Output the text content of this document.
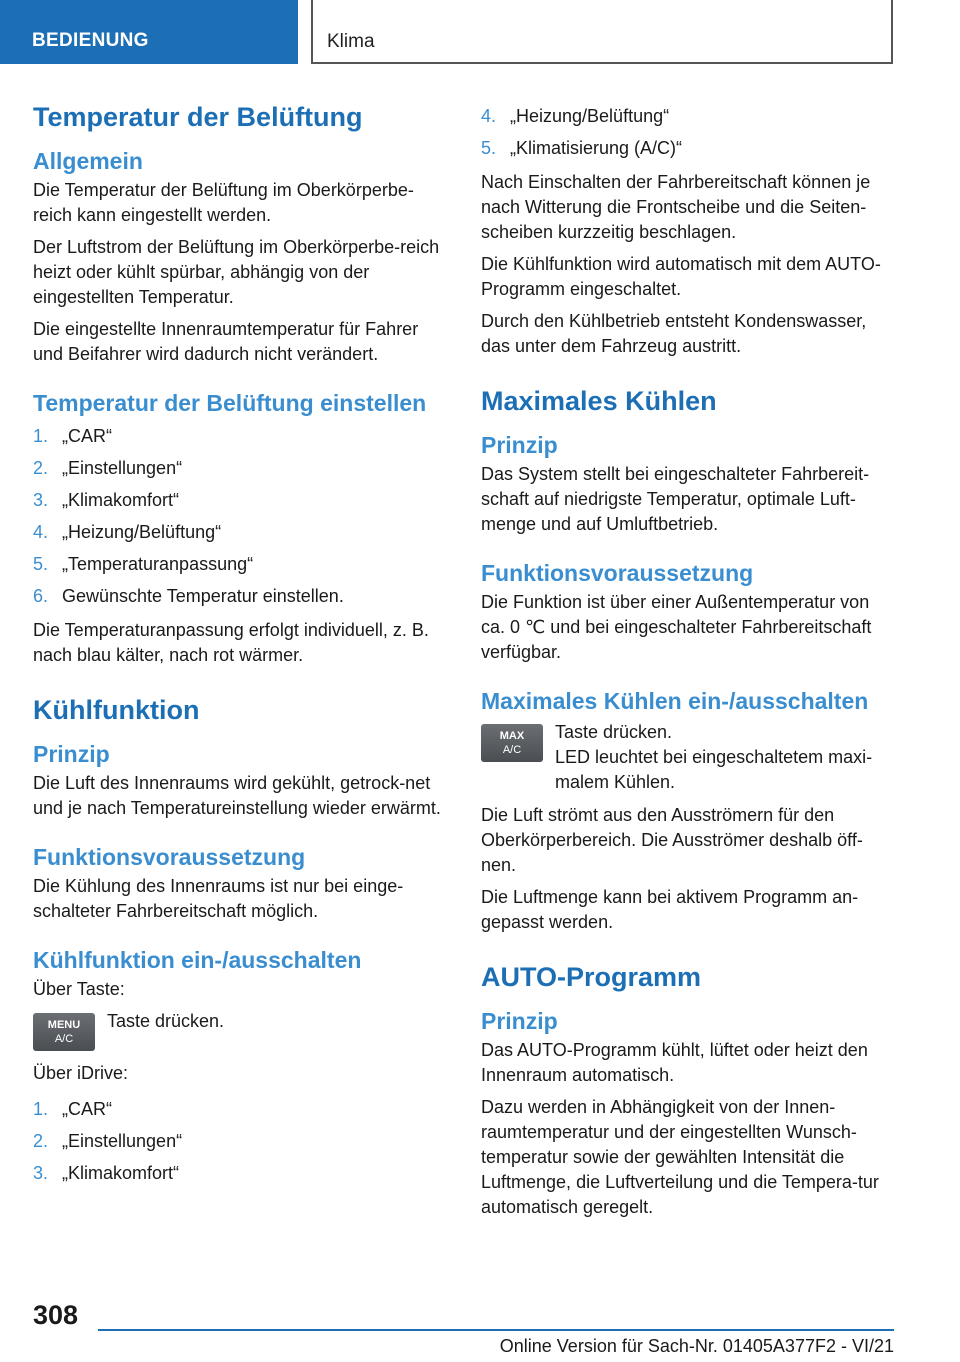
BEDIENUNG	Klima
Temperatur der Belüftung
Allgemein
Die Temperatur der Belüftung im Oberkörperbe-reich kann eingestellt werden.
Der Luftstrom der Belüftung im Oberkörperbe-reich heizt oder kühlt spürbar, abhängig von der eingestellten Temperatur.
Die eingestellte Innenraumtemperatur für Fahrer und Beifahrer wird dadurch nicht verändert.
Temperatur der Belüftung einstellen
1. „CAR“
2. „Einstellungen“
3. „Klimakomfort“
4. „Heizung/Belüftung“
5. „Temperaturanpassung“
6. Gewünschte Temperatur einstellen.
Die Temperaturanpassung erfolgt individuell, z. B. nach blau kälter, nach rot wärmer.
Kühlfunktion
Prinzip
Die Luft des Innenraums wird gekühlt, getrock-net und je nach Temperatureinstellung wieder erwärmt.
Funktionsvoraussetzung
Die Kühlung des Innenraums ist nur bei einge-schalteter Fahrbereitschaft möglich.
Kühlfunktion ein-/ausschalten
Über Taste:
MENU
A/C
Taste drücken.
Über iDrive:
1. „CAR“
2. „Einstellungen“
3. „Klimakomfort“
4. „Heizung/Belüftung“
5. „Klimatisierung (A/C)“
Nach Einschalten der Fahrbereitschaft können je nach Witterung die Frontscheibe und die Seiten-scheiben kurzzeitig beschlagen.
Die Kühlfunktion wird automatisch mit dem AUTO-Programm eingeschaltet.
Durch den Kühlbetrieb entsteht Kondenswasser, das unter dem Fahrzeug austritt.
Maximales Kühlen
Prinzip
Das System stellt bei eingeschalteter Fahrbereit-schaft auf niedrigste Temperatur, optimale Luft-menge und auf Umluftbetrieb.
Funktionsvoraussetzung
Die Funktion ist über einer Außentemperatur von ca. 0 ℃ und bei eingeschalteter Fahrbereitschaft verfügbar.
Maximales Kühlen ein-/ausschalten
MAX
A/C
Taste drücken.
LED leuchtet bei eingeschaltetem maxi-malem Kühlen.
Die Luft strömt aus den Ausströmern für den Oberkörperbereich. Die Ausströmer deshalb öff-nen.
Die Luftmenge kann bei aktivem Programm an-gepasst werden.
AUTO-Programm
Prinzip
Das AUTO-Programm kühlt, lüftet oder heizt den Innenraum automatisch.
Dazu werden in Abhängigkeit von der Innen-raumtemperatur und der eingestellten Wunsch-temperatur sowie der gewählten Intensität die Luftmenge, die Luftverteilung und die Tempera-tur automatisch geregelt.
308
Online Version für Sach-Nr. 01405A377F2 - VI/21
